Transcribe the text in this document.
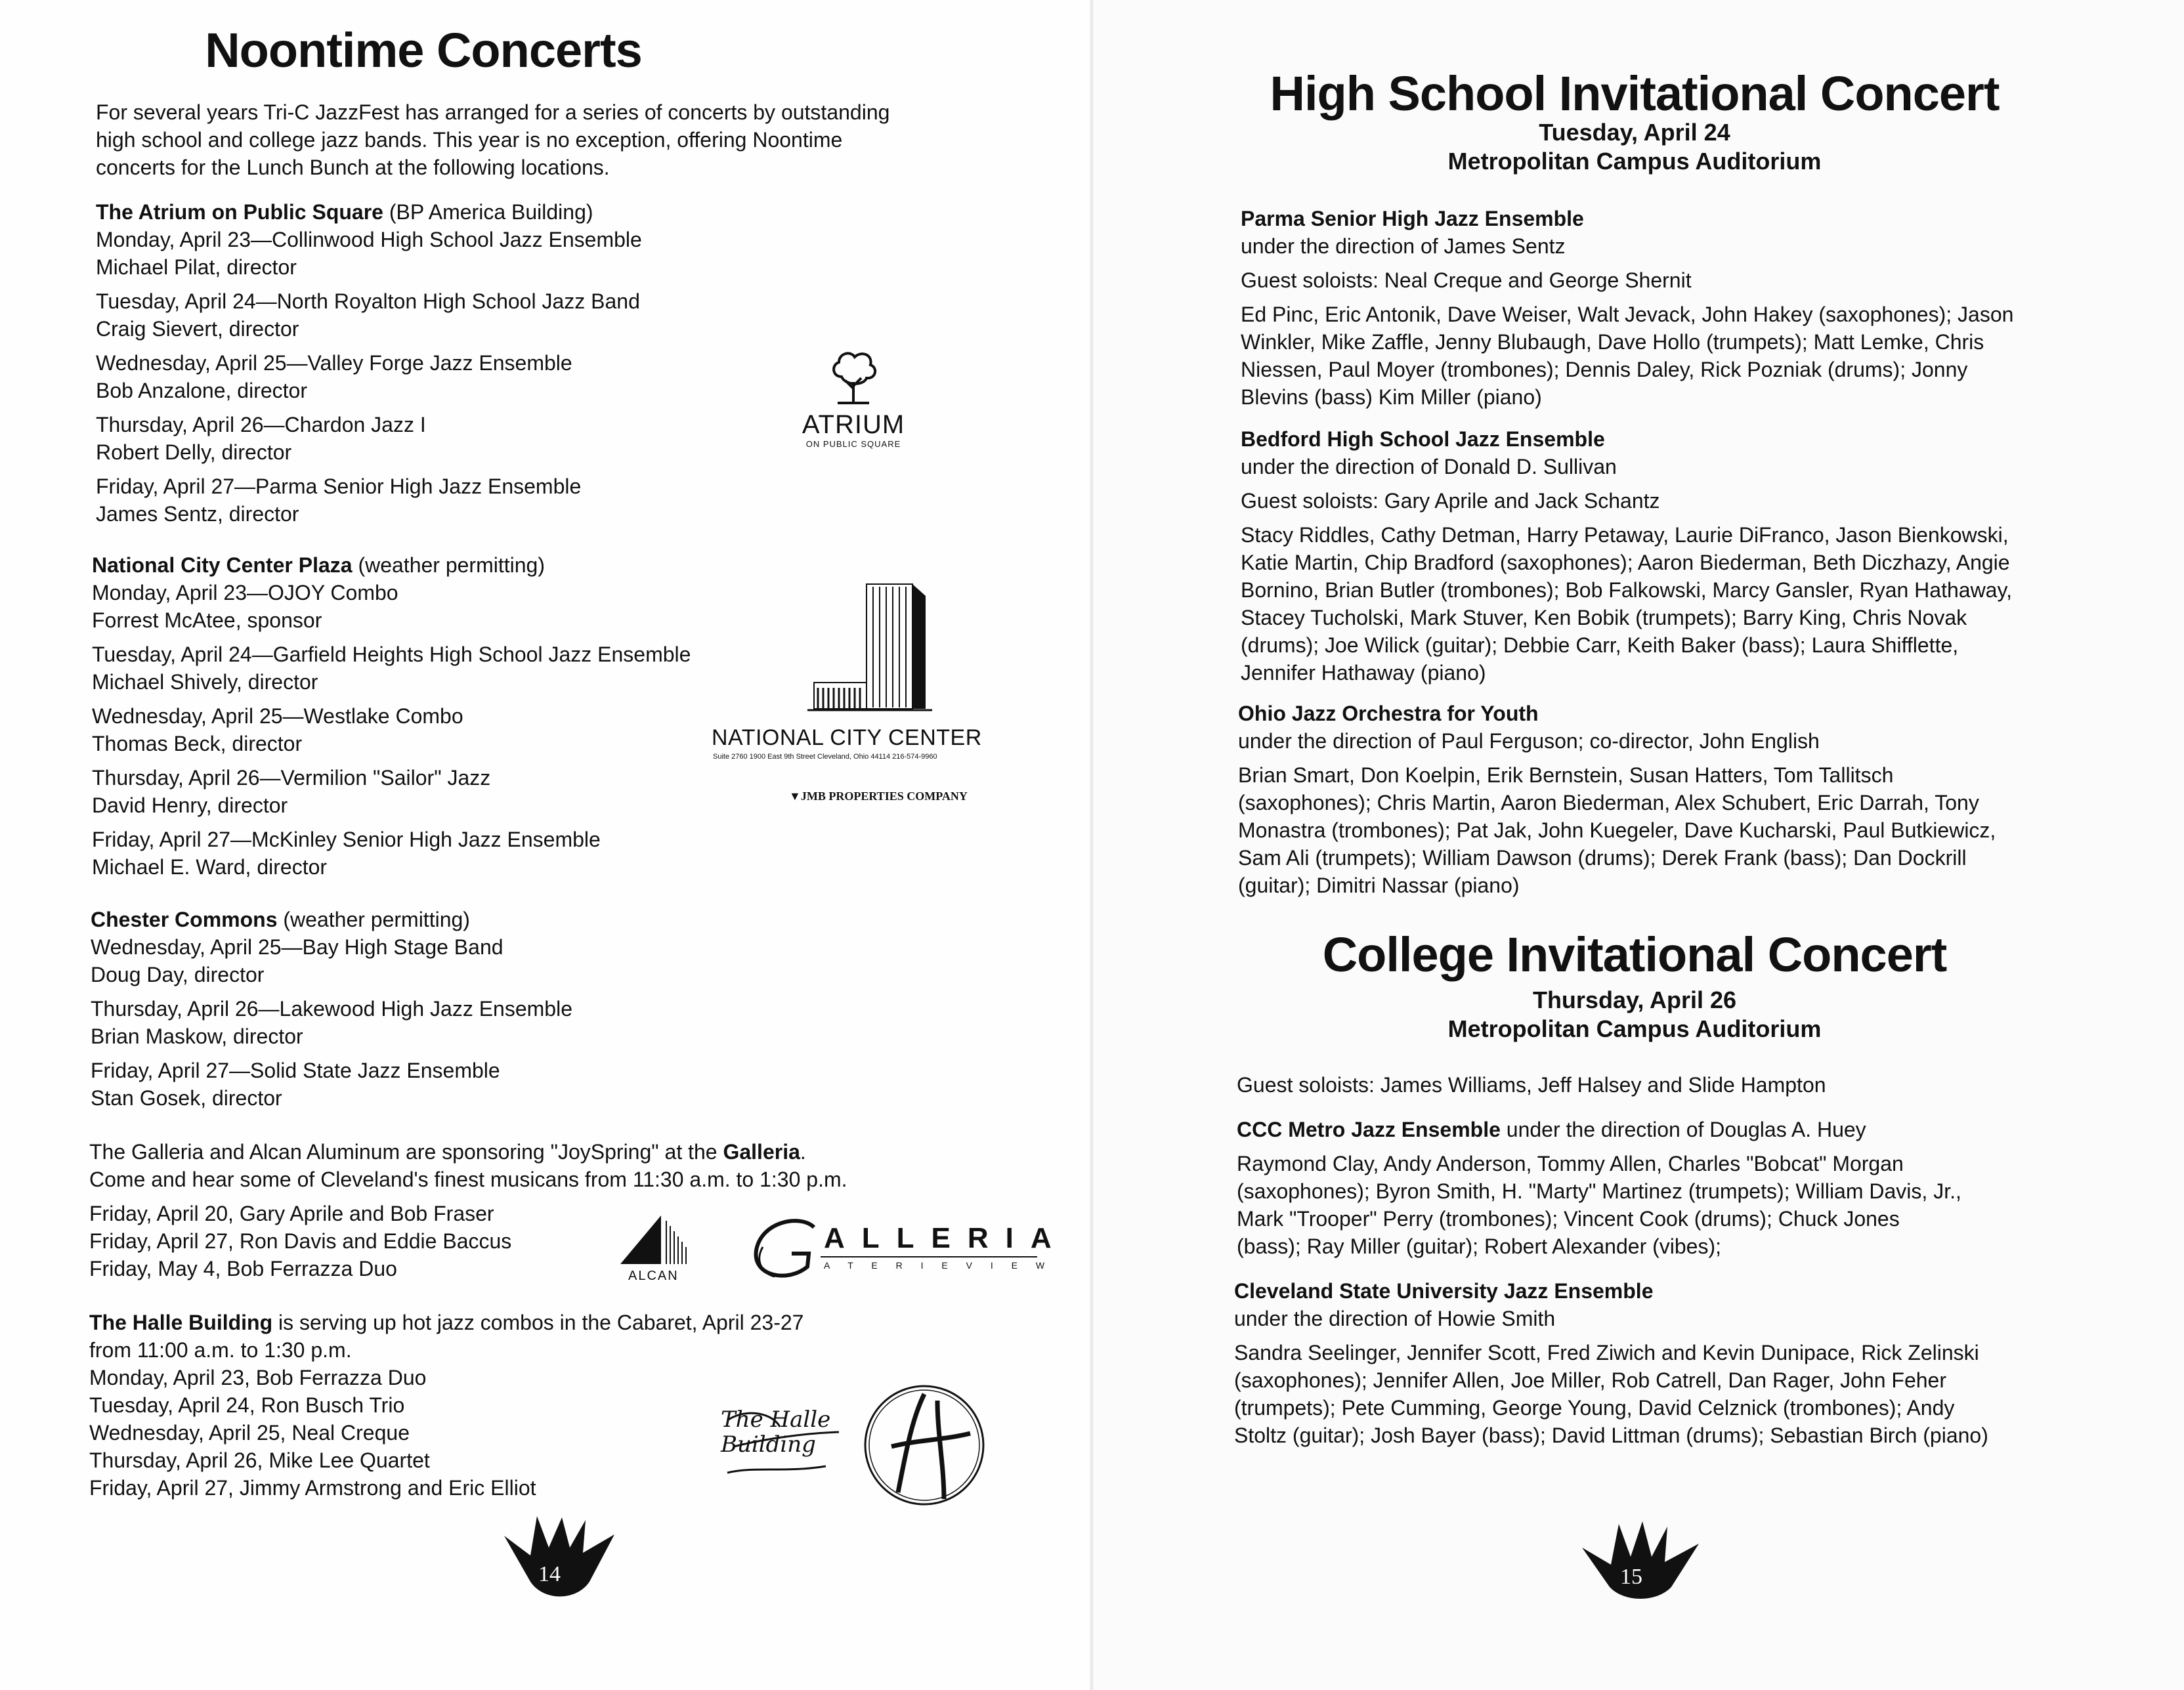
Noontime Concerts
For several years Tri-C JazzFest has arranged for a series of concerts by outstanding
high school and college jazz bands. This year is no exception, offering Noontime
concerts for the Lunch Bunch at the following locations.
The Atrium on Public Square (BP America Building)
Monday, April 23—Collinwood High School Jazz Ensemble
Michael Pilat, director
Tuesday, April 24—North Royalton High School Jazz Band
Craig Sievert, director
Wednesday, April 25—Valley Forge Jazz Ensemble
Bob Anzalone, director
Thursday, April 26—Chardon Jazz I
Robert Delly, director
Friday, April 27—Parma Senior High Jazz Ensemble
James Sentz, director
National City Center Plaza (weather permitting)
Monday, April 23—OJOY Combo
Forrest McAtee, sponsor
Tuesday, April 24—Garfield Heights High School Jazz Ensemble
Michael Shively, director
Wednesday, April 25—Westlake Combo
Thomas Beck, director
Thursday, April 26—Vermilion "Sailor" Jazz
David Henry, director
Friday, April 27—McKinley Senior High Jazz Ensemble
Michael E. Ward, director
Chester Commons (weather permitting)
Wednesday, April 25—Bay High Stage Band
Doug Day, director
Thursday, April 26—Lakewood High Jazz Ensemble
Brian Maskow, director
Friday, April 27—Solid State Jazz Ensemble
Stan Gosek, director
The Galleria and Alcan Aluminum are sponsoring "JoySpring" at the Galleria.
Come and hear some of Cleveland's finest musicans from 11:30 a.m. to 1:30 p.m.
Friday, April 20, Gary Aprile and Bob Fraser
Friday, April 27, Ron Davis and Eddie Baccus
Friday, May 4, Bob Ferrazza Duo
The Halle Building is serving up hot jazz combos in the Cabaret, April 23-27
from 11:00 a.m. to 1:30 p.m.
Monday, April 23, Bob Ferrazza Duo
Tuesday, April 24, Ron Busch Trio
Wednesday, April 25, Neal Creque
Thursday, April 26, Mike Lee Quartet
Friday, April 27, Jimmy Armstrong and Eric Elliot
ATRIUM
ON PUBLIC SQUARE
NATIONAL CITY CENTER
Suite 2760 1900 East 9th Street Cleveland, Ohio 44114 216-574-9960
▼JMB PROPERTIES COMPANY
ALCAN
ALLERIA
A T E R I E V I E W
The Halle Building
14
High School Invitational Concert
Tuesday, April 24
Metropolitan Campus Auditorium
Parma Senior High Jazz Ensemble
under the direction of James Sentz
Guest soloists: Neal Creque and George Shernit
Ed Pinc, Eric Antonik, Dave Weiser, Walt Jevack, John Hakey (saxophones); Jason
Winkler, Mike Zaffle, Jenny Blubaugh, Dave Hollo (trumpets); Matt Lemke, Chris
Niessen, Paul Moyer (trombones); Dennis Daley, Rick Pozniak (drums); Jonny
Blevins (bass) Kim Miller (piano)
Bedford High School Jazz Ensemble
under the direction of Donald D. Sullivan
Guest soloists: Gary Aprile and Jack Schantz
Stacy Riddles, Cathy Detman, Harry Petaway, Laurie DiFranco, Jason Bienkowski,
Katie Martin, Chip Bradford (saxophones); Aaron Biederman, Beth Diczhazy, Angie
Bornino, Brian Butler (trombones); Bob Falkowski, Marcy Gansler, Ryan Hathaway,
Stacey Tucholski, Mark Stuver, Ken Bobik (trumpets); Barry King, Chris Novak
(drums); Joe Wilick (guitar); Debbie Carr, Keith Baker (bass); Laura Shifflette,
Jennifer Hathaway (piano)
Ohio Jazz Orchestra for Youth
under the direction of Paul Ferguson; co-director, John English
Brian Smart, Don Koelpin, Erik Bernstein, Susan Hatters, Tom Tallitsch
(saxophones); Chris Martin, Aaron Biederman, Alex Schubert, Eric Darrah, Tony
Monastra (trombones); Pat Jak, John Kuegeler, Dave Kucharski, Paul Butkiewicz,
Sam Ali (trumpets); William Dawson (drums); Derek Frank (bass); Dan Dockrill
(guitar); Dimitri Nassar (piano)
College Invitational Concert
Thursday, April 26
Metropolitan Campus Auditorium
Guest soloists: James Williams, Jeff Halsey and Slide Hampton
CCC Metro Jazz Ensemble under the direction of Douglas A. Huey
Raymond Clay, Andy Anderson, Tommy Allen, Charles "Bobcat" Morgan
(saxophones); Byron Smith, H. "Marty" Martinez (trumpets); William Davis, Jr.,
Mark "Trooper" Perry (trombones); Vincent Cook (drums); Chuck Jones
(bass); Ray Miller (guitar); Robert Alexander (vibes);
Cleveland State University Jazz Ensemble
under the direction of Howie Smith
Sandra Seelinger, Jennifer Scott, Fred Ziwich and Kevin Dunipace, Rick Zelinski
(saxophones); Jennifer Allen, Joe Miller, Rob Catrell, Dan Rager, John Feher
(trumpets); Pete Cumming, George Young, David Celznick (trombones); Andy
Stoltz (guitar); Josh Bayer (bass); David Littman (drums); Sebastian Birch (piano)
15
